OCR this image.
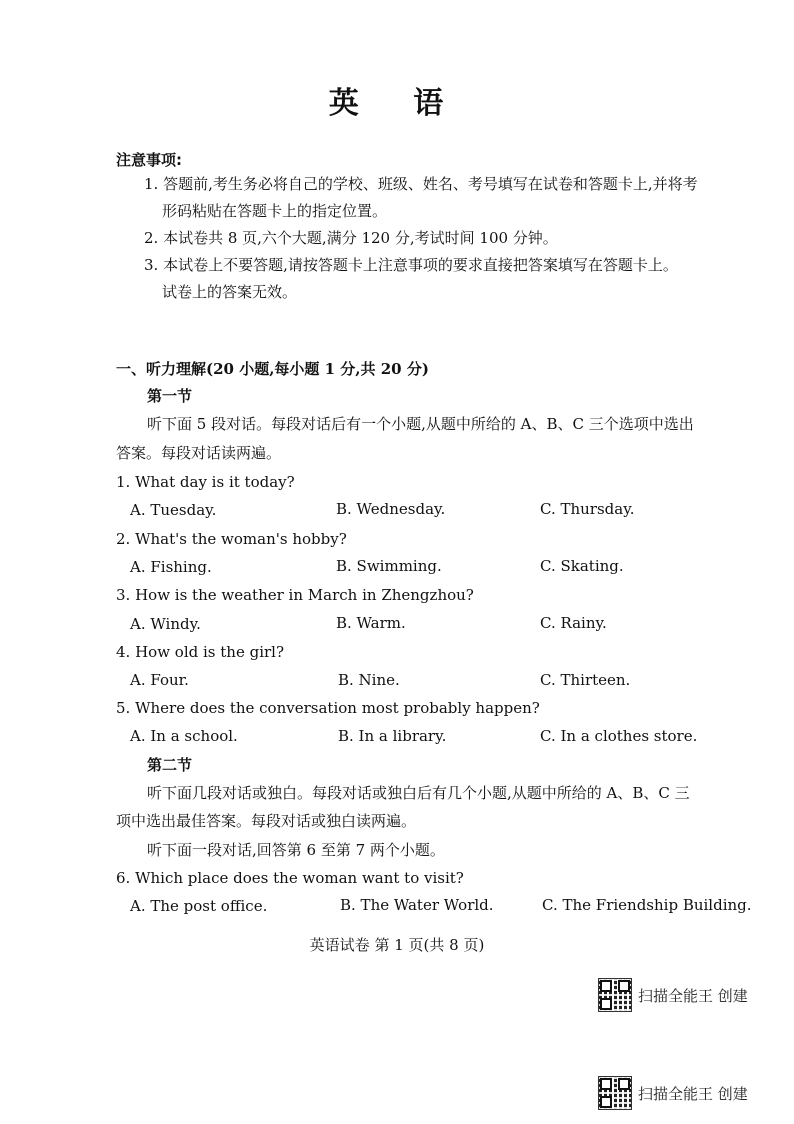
英 语
注意事项:
1. 答题前,考生务必将自己的学校、班级、姓名、考号填写在试卷和答题卡上,并将考
形码粘贴在答题卡上的指定位置。
2. 本试卷共 8 页,六个大题,满分 120 分,考试时间 100 分钟。
3. 本试卷上不要答题,请按答题卡上注意事项的要求直接把答案填写在答题卡上。
试卷上的答案无效。
一、听力理解(20 小题,每小题 1 分,共 20 分)
第一节
听下面 5 段对话。每段对话后有一个小题,从题中所给的 A、B、C 三个选项中选出
答案。每段对话读两遍。
1. What day is it today?
A. Tuesday.	B. Wednesday.	C. Thursday.
2. What's the woman's hobby?
A. Fishing.	B. Swimming.	C. Skating.
3. How is the weather in March in Zhengzhou?
A. Windy.	B. Warm.	C. Rainy.
4. How old is the girl?
A. Four.	B. Nine.	C. Thirteen.
5. Where does the conversation most probably happen?
A. In a school.	B. In a library.	C. In a clothes store.
第二节
听下面几段对话或独白。每段对话或独白后有几个小题,从题中所给的 A、B、C 三
项中选出最佳答案。每段对话或独白读两遍。
听下面一段对话,回答第 6 至第 7 两个小题。
6. Which place does the woman want to visit?
A. The post office.	B. The Water World.	C. The Friendship Building.
英语试卷 第 1 页(共 8 页)
扫描全能王 创建
扫描全能王 创建
